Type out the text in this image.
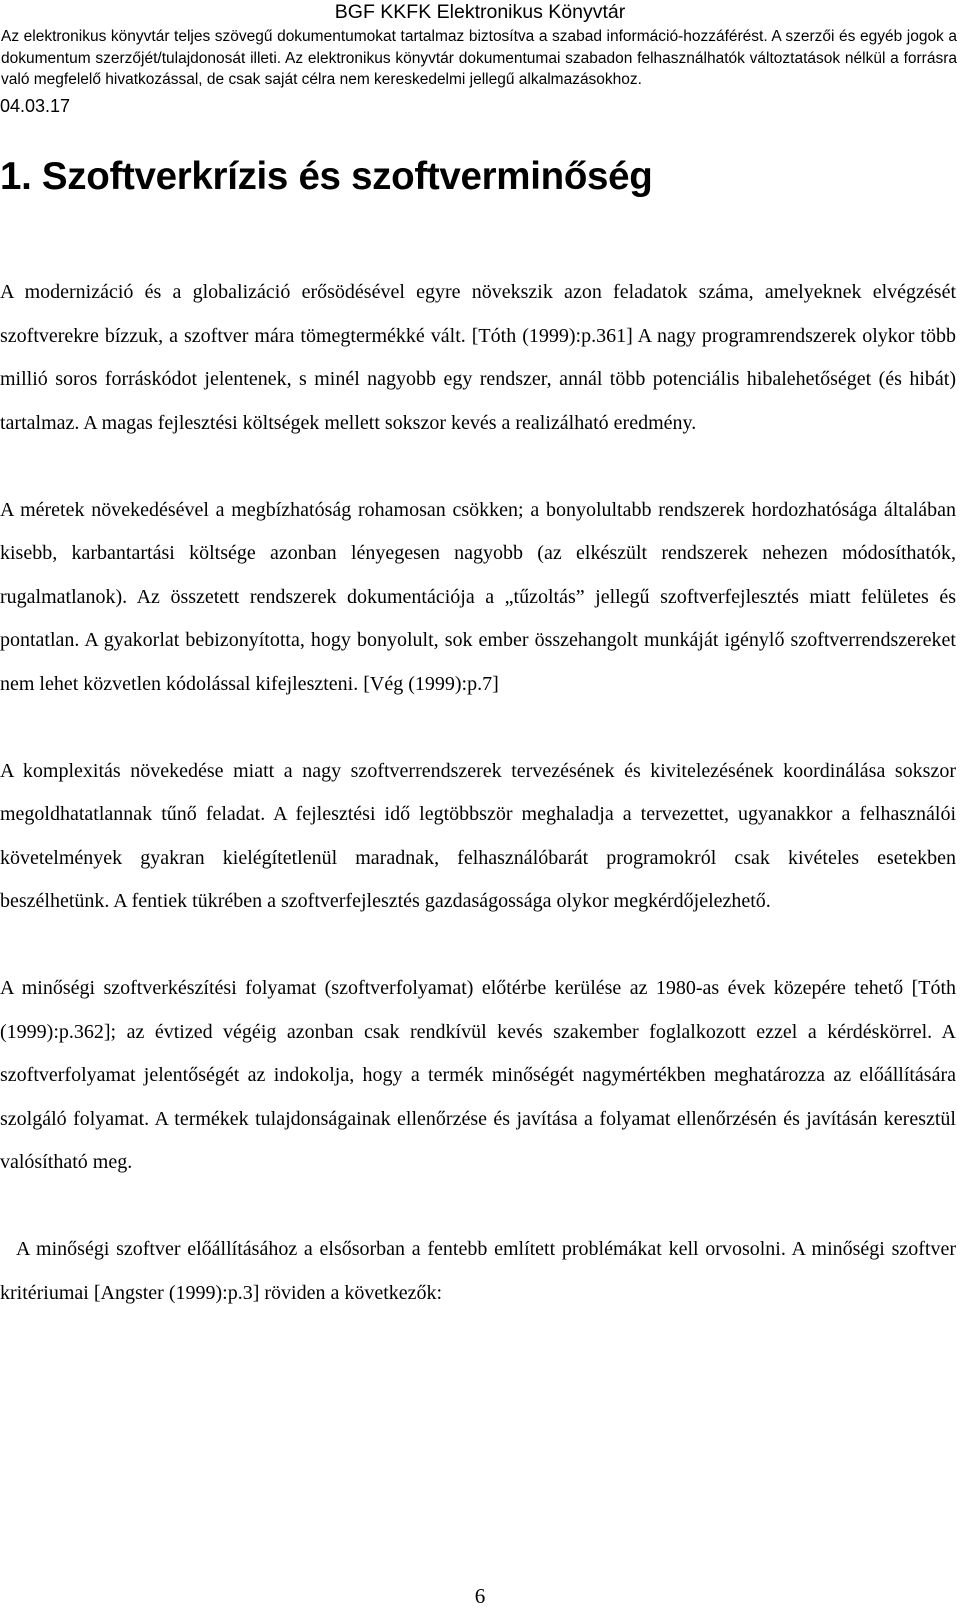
BGF KKFK Elektronikus Könyvtár

Az elektronikus könyvtár teljes szövegű dokumentumokat tartalmaz biztosítva a szabad információ-hozzáférést. A szerzői és egyéb jogok a dokumentum szerzőjét/tulajdonosát illeti. Az elektronikus könyvtár dokumentumai szabadon felhasználhatók változtatások nélkül a forrásra való megfelelő hivatkozással, de csak saját célra nem kereskedelmi jellegű alkalmazásokhoz.

04.03.17

1. Szoftverkrízis és szoftverminőség

A modernizáció és a globalizáció erősödésével egyre növekszik azon feladatok száma, amelyeknek elvégzését szoftverekre bízzuk, a szoftver mára tömegtermékké vált. [Tóth (1999):p.361] A nagy programrendszerek olykor több millió soros forráskódot jelentenek, s minél nagyobb egy rendszer, annál több potenciális hibalehetőséget (és hibát) tartalmaz. A magas fejlesztési költségek mellett sokszor kevés a realizálható eredmény.

A méretek növekedésével a megbízhatóság rohamosan csökken; a bonyolultabb rendszerek hordozhatósága általában kisebb, karbantartási költsége azonban lényegesen nagyobb (az elkészült rendszerek nehezen módosíthatók, rugalmatlanok). Az összetett rendszerek dokumentációja a „tűzoltás” jellegű szoftverfejlesztés miatt felületes és pontatlan. A gyakorlat bebizonyította, hogy bonyolult, sok ember összehangolt munkáját igénylő szoftverrendszereket nem lehet közvetlen kódolással kifejleszteni. [Vég (1999):p.7]

A komplexitás növekedése miatt a nagy szoftverrendszerek tervezésének és kivitelezésének koordinálása sokszor megoldhatatlannak tűnő feladat. A fejlesztési idő legtöbbször meghaladja a tervezettet, ugyanakkor a felhasználói követelmények gyakran kielégítetlenül maradnak, felhasználóbarát programokról csak kivételes esetekben beszélhetünk. A fentiek tükrében a szoftverfejlesztés gazdaságossága olykor megkérdőjelezhető.

A minőségi szoftverkészítési folyamat (szoftverfolyamat) előtérbe kerülése az 1980-as évek közepére tehető [Tóth (1999):p.362]; az évtized végéig azonban csak rendkívül kevés szakember foglalkozott ezzel a kérdéskörrel. A szoftverfolyamat jelentőségét az indokolja, hogy a termék minőségét nagymértékben meghatározza az előállítására szolgáló folyamat. A termékek tulajdonságainak ellenőrzése és javítása a folyamat ellenőrzésén és javításán keresztül valósítható meg.

A minőségi szoftver előállításához a elsősorban a fentebb említett problémákat kell orvosolni. A minőségi szoftver kritériumai [Angster (1999):p.3] röviden a következők:

6
